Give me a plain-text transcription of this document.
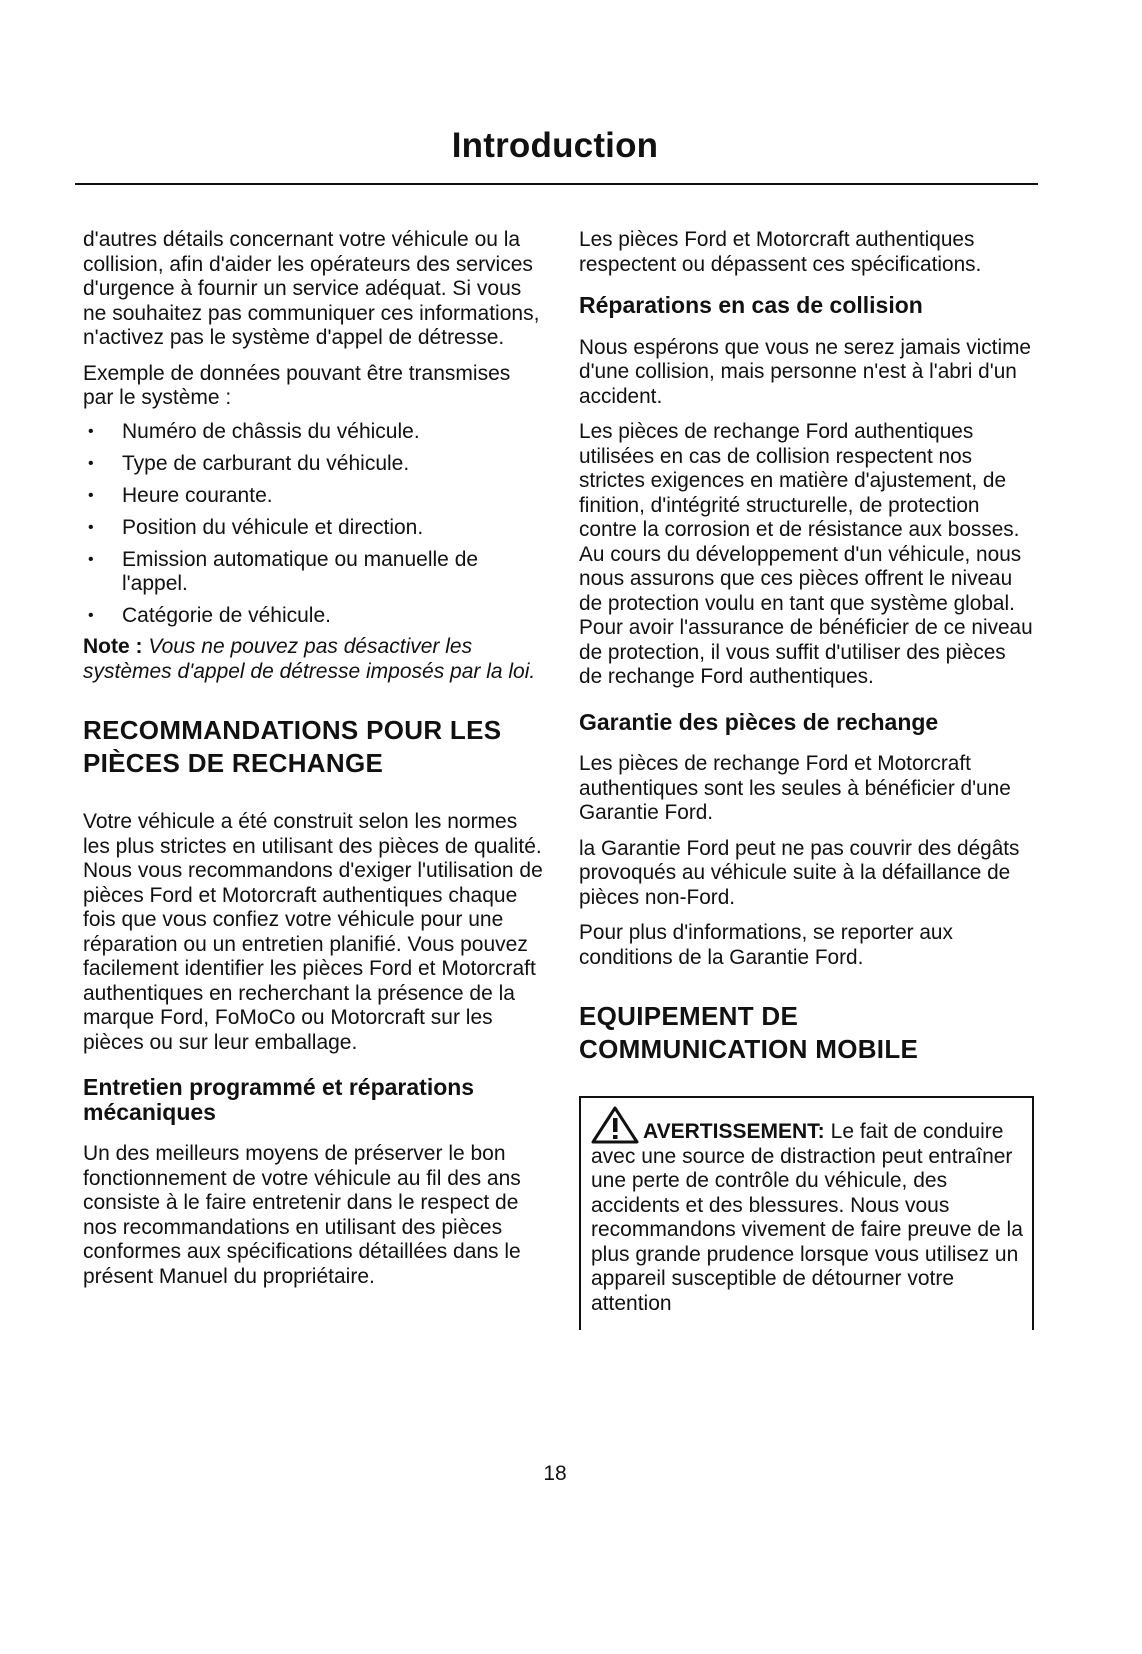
Introduction

d'autres détails concernant votre véhicule ou la collision, afin d'aider les opérateurs des services d'urgence à fournir un service adéquat. Si vous ne souhaitez pas communiquer ces informations, n'activez pas le système d'appel de détresse.

Exemple de données pouvant être transmises par le système :

• Numéro de châssis du véhicule.
• Type de carburant du véhicule.
• Heure courante.
• Position du véhicule et direction.
• Emission automatique ou manuelle de l'appel.
• Catégorie de véhicule.

Note : Vous ne pouvez pas désactiver les systèmes d'appel de détresse imposés par la loi.

RECOMMANDATIONS POUR LES PIÈCES DE RECHANGE

Votre véhicule a été construit selon les normes les plus strictes en utilisant des pièces de qualité. Nous vous recommandons d'exiger l'utilisation de pièces Ford et Motorcraft authentiques chaque fois que vous confiez votre véhicule pour une réparation ou un entretien planifié. Vous pouvez facilement identifier les pièces Ford et Motorcraft authentiques en recherchant la présence de la marque Ford, FoMoCo ou Motorcraft sur les pièces ou sur leur emballage.

Entretien programmé et réparations mécaniques

Un des meilleurs moyens de préserver le bon fonctionnement de votre véhicule au fil des ans consiste à le faire entretenir dans le respect de nos recommandations en utilisant des pièces conformes aux spécifications détaillées dans le présent Manuel du propriétaire.

Les pièces Ford et Motorcraft authentiques respectent ou dépassent ces spécifications.

Réparations en cas de collision

Nous espérons que vous ne serez jamais victime d'une collision, mais personne n'est à l'abri d'un accident.

Les pièces de rechange Ford authentiques utilisées en cas de collision respectent nos strictes exigences en matière d'ajustement, de finition, d'intégrité structurelle, de protection contre la corrosion et de résistance aux bosses. Au cours du développement d'un véhicule, nous nous assurons que ces pièces offrent le niveau de protection voulu en tant que système global. Pour avoir l'assurance de bénéficier de ce niveau de protection, il vous suffit d'utiliser des pièces de rechange Ford authentiques.

Garantie des pièces de rechange

Les pièces de rechange Ford et Motorcraft authentiques sont les seules à bénéficier d'une Garantie Ford.

la Garantie Ford peut ne pas couvrir des dégâts provoqués au véhicule suite à la défaillance de pièces non-Ford.

Pour plus d'informations, se reporter aux conditions de la Garantie Ford.

EQUIPEMENT DE COMMUNICATION MOBILE

AVERTISSEMENT: Le fait de conduire avec une source de distraction peut entraîner une perte de contrôle du véhicule, des accidents et des blessures. Nous vous recommandons vivement de faire preuve de la plus grande prudence lorsque vous utilisez un appareil susceptible de détourner votre attention

18
